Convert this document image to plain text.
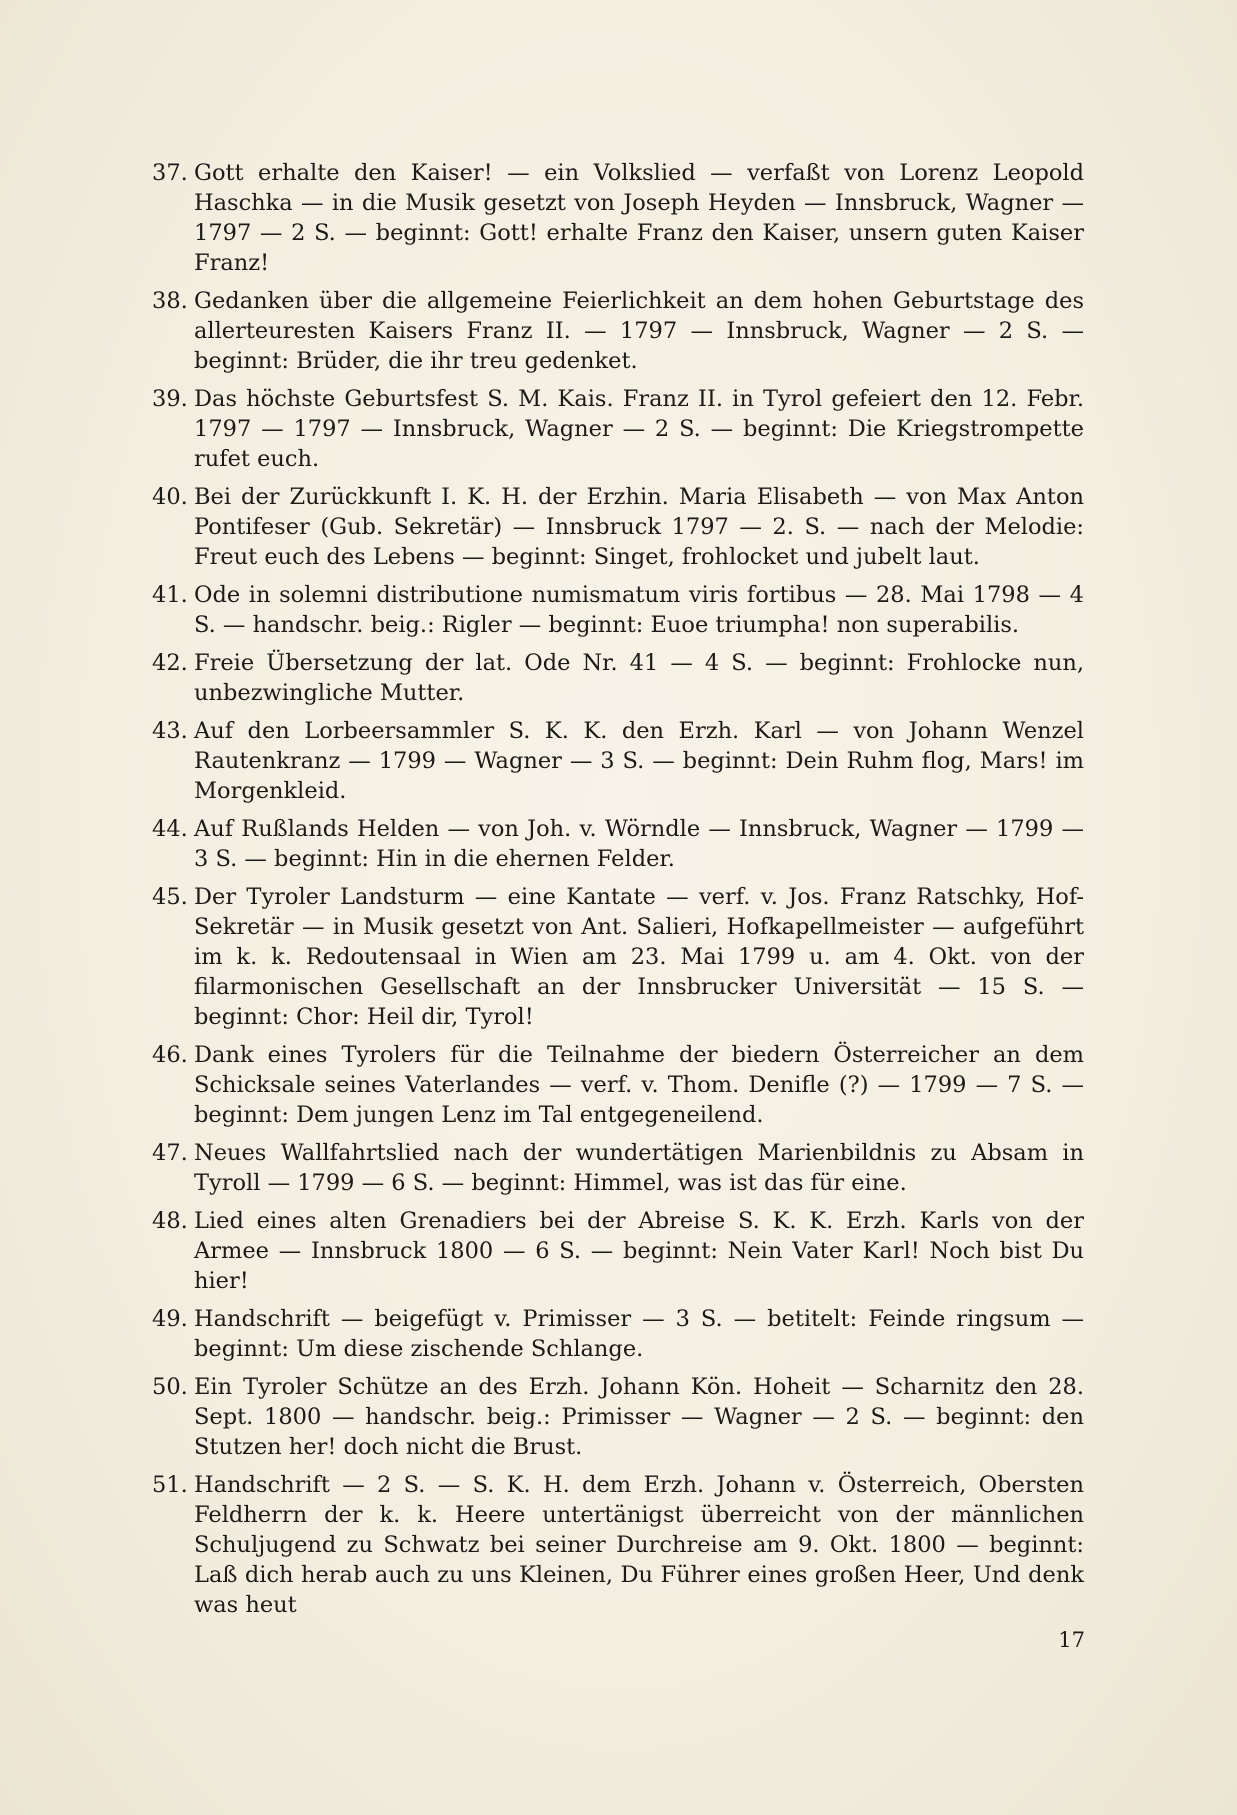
37. Gott erhalte den Kaiser! — ein Volkslied — verfaßt von Lorenz Leopold Haschka — in die Musik gesetzt von Joseph Heyden — Innsbruck, Wagner — 1797 — 2 S. — beginnt: Gott! erhalte Franz den Kaiser, unsern guten Kaiser Franz!
38. Gedanken über die allgemeine Feierlichkeit an dem hohen Geburtstage des allerteuresten Kaisers Franz II. — 1797 — Innsbruck, Wagner — 2 S. — beginnt: Brüder, die ihr treu gedenket.
39. Das höchste Geburtsfest S. M. Kais. Franz II. in Tyrol gefeiert den 12. Febr. 1797 — 1797 — Innsbruck, Wagner — 2 S. — beginnt: Die Kriegstrompette rufet euch.
40. Bei der Zurückkunft I. K. H. der Erzhin. Maria Elisabeth — von Max Anton Pontifeser (Gub. Sekretär) — Innsbruck 1797 — 2. S. — nach der Melodie: Freut euch des Lebens — beginnt: Singet, frohlocket und jubelt laut.
41. Ode in solemni distributione numismatum viris fortibus — 28. Mai 1798 — 4 S. — handschr. beig.: Rigler — beginnt: Euoe triumpha! non superabilis.
42. Freie Übersetzung der lat. Ode Nr. 41 — 4 S. — beginnt: Frohlocke nun, unbezwingliche Mutter.
43. Auf den Lorbeersammler S. K. K. den Erzh. Karl — von Johann Wenzel Rautenkranz — 1799 — Wagner — 3 S. — beginnt: Dein Ruhm flog, Mars! im Morgenkleid.
44. Auf Rußlands Helden — von Joh. v. Wörndle — Innsbruck, Wagner — 1799 — 3 S. — beginnt: Hin in die ehernen Felder.
45. Der Tyroler Landsturm — eine Kantate — verf. v. Jos. Franz Ratschky, Hof-Sekretär — in Musik gesetzt von Ant. Salieri, Hofkapellmeister — aufgeführt im k. k. Redoutensaal in Wien am 23. Mai 1799 u. am 4. Okt. von der filarmonischen Gesellschaft an der Innsbrucker Universität — 15 S. — beginnt: Chor: Heil dir, Tyrol!
46. Dank eines Tyrolers für die Teilnahme der biedern Österreicher an dem Schicksale seines Vaterlandes — verf. v. Thom. Denifle (?) — 1799 — 7 S. — beginnt: Dem jungen Lenz im Tal entgegeneilend.
47. Neues Wallfahrtslied nach der wundertätigen Marienbildnis zu Absam in Tyroll — 1799 — 6 S. — beginnt: Himmel, was ist das für eine.
48. Lied eines alten Grenadiers bei der Abreise S. K. K. Erzh. Karls von der Armee — Innsbruck 1800 — 6 S. — beginnt: Nein Vater Karl! Noch bist Du hier!
49. Handschrift — beigefügt v. Primisser — 3 S. — betitelt: Feinde ringsum — beginnt: Um diese zischende Schlange.
50. Ein Tyroler Schütze an des Erzh. Johann Kön. Hoheit — Scharnitz den 28. Sept. 1800 — handschr. beig.: Primisser — Wagner — 2 S. — beginnt: den Stutzen her! doch nicht die Brust.
51. Handschrift — 2 S. — S. K. H. dem Erzh. Johann v. Österreich, Obersten Feldherrn der k. k. Heere untertänigst überreicht von der männlichen Schuljugend zu Schwatz bei seiner Durchreise am 9. Okt. 1800 — beginnt: Laß dich herab auch zu uns Kleinen, Du Führer eines großen Heer, Und denk was heut
17
